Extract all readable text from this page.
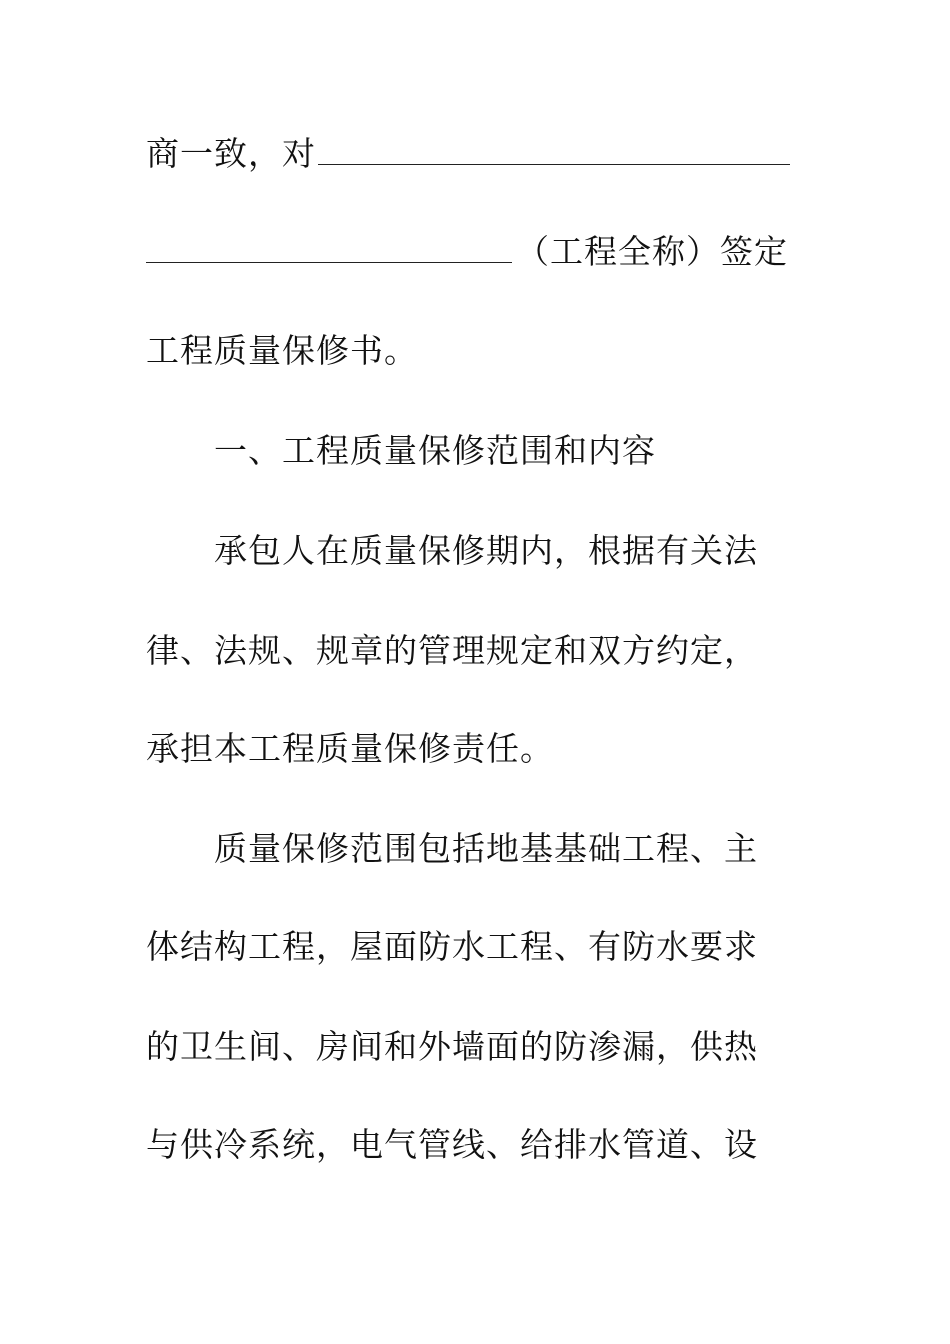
商一致，对
（工程全称）签定
工程质量保修书。
一、工程质量保修范围和内容
承包人在质量保修期内，根据有关法
律、法规、规章的管理规定和双方约定，
承担本工程质量保修责任。
质量保修范围包括地基基础工程、主
体结构工程，屋面防水工程、有防水要求
的卫生间、房间和外墙面的防渗漏，供热
与供冷系统，电气管线、给排水管道、设
